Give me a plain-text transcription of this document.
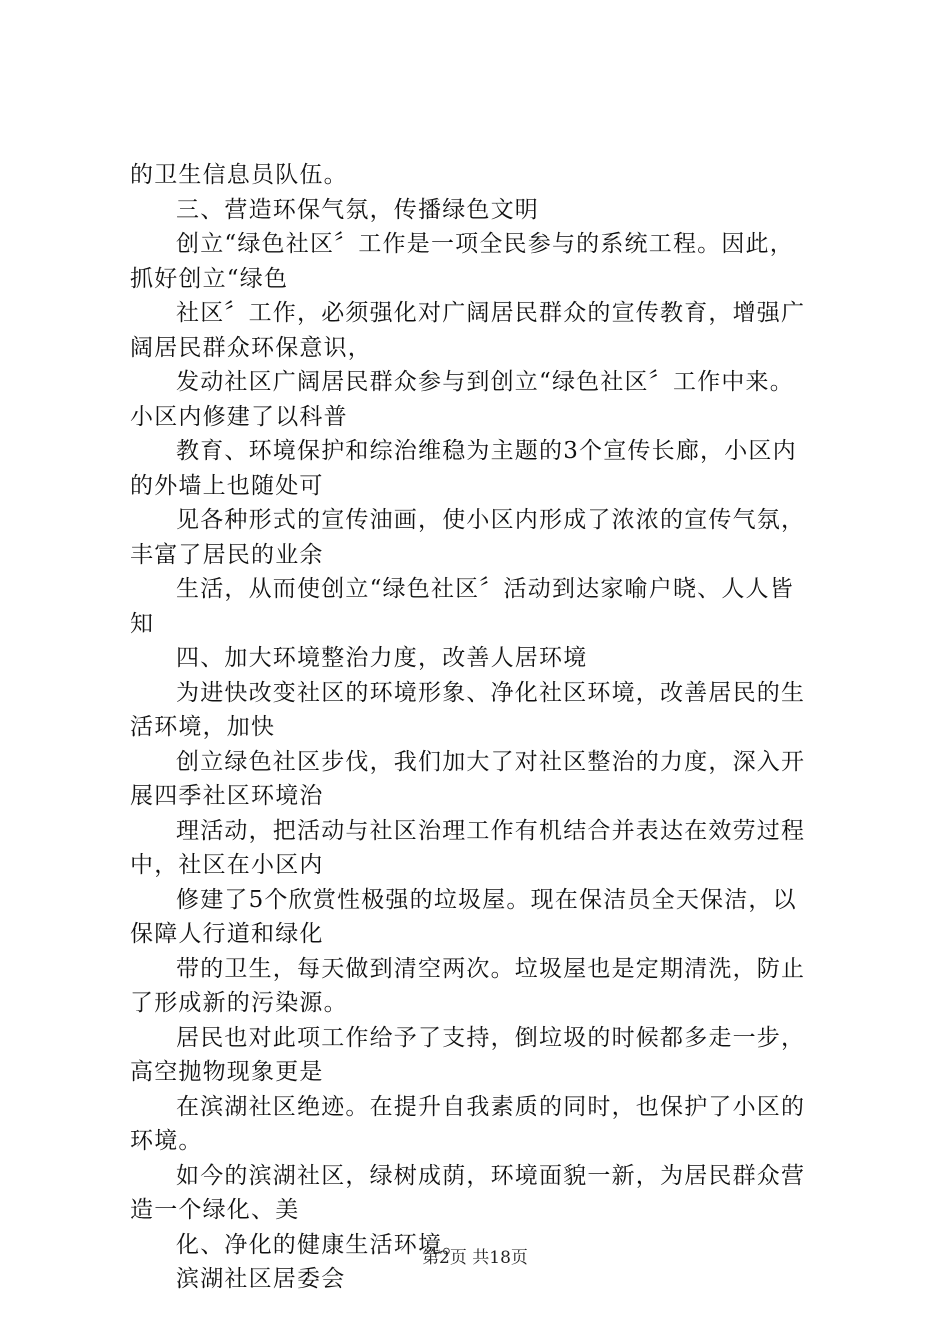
的卫生信息员队伍。
三、营造环保气氛，传播绿色文明
创立“绿色社区〞工作是一项全民参与的系统工程。因此，
抓好创立“绿色
社区〞工作，必须强化对广阔居民群众的宣传教育，增强广
阔居民群众环保意识，
发动社区广阔居民群众参与到创立“绿色社区〞工作中来。
小区内修建了以科普
教育、环境保护和综治维稳为主题的3个宣传长廊，小区内
的外墙上也随处可
见各种形式的宣传油画，使小区内形成了浓浓的宣传气氛，
丰富了居民的业余
生活，从而使创立“绿色社区〞活动到达家喻户晓、人人皆
知
四、加大环境整治力度，改善人居环境
为进快改变社区的环境形象、净化社区环境，改善居民的生
活环境，加快
创立绿色社区步伐，我们加大了对社区整治的力度，深入开
展四季社区环境治
理活动，把活动与社区治理工作有机结合并表达在效劳过程
中，社区在小区内
修建了5个欣赏性极强的垃圾屋。现在保洁员全天保洁，以
保障人行道和绿化
带的卫生，每天做到清空两次。垃圾屋也是定期清洗，防止
了形成新的污染源。
居民也对此项工作给予了支持，倒垃圾的时候都多走一步，
高空抛物现象更是
在滨湖社区绝迹。在提升自我素质的同时，也保护了小区的
环境。
如今的滨湖社区，绿树成荫，环境面貌一新，为居民群众营
造一个绿化、美
化、净化的健康生活环境。
滨湖社区居委会
第2页 共18页
